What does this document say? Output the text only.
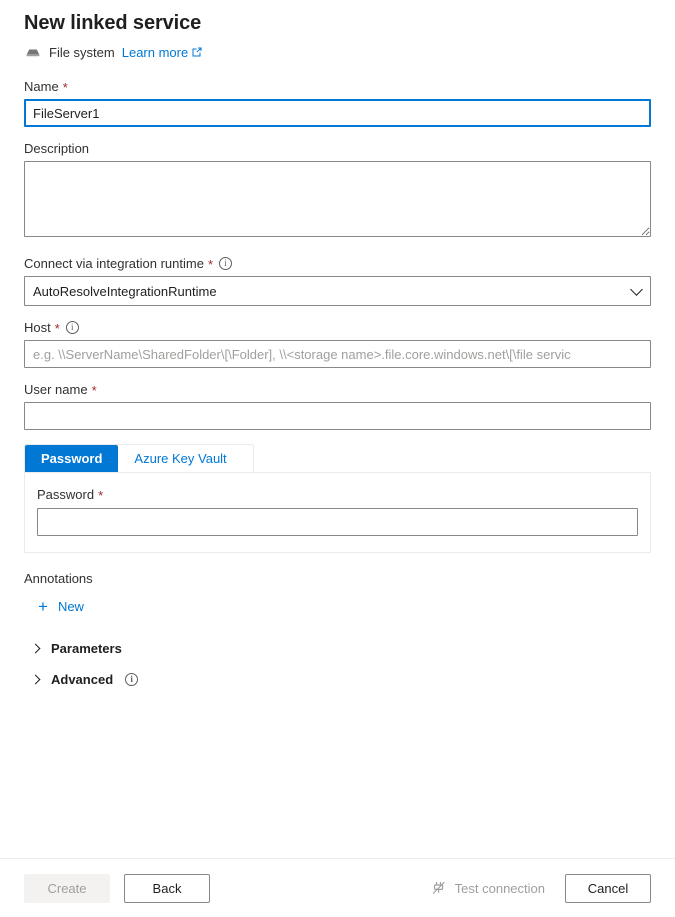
New linked service
File system Learn more
Name *
FileServer1
Description
Connect via integration runtime *	i
AutoResolveIntegrationRuntime
Host *	i
e.g. \\ServerName\SharedFolder\[\Folder], \\<storage name>.file.core.windows.net\[\file servic
User name *
Password	Azure Key Vault
Password *
Annotations
+ New
Parameters
Advanced	i
Create	Back	Test connection	Cancel
